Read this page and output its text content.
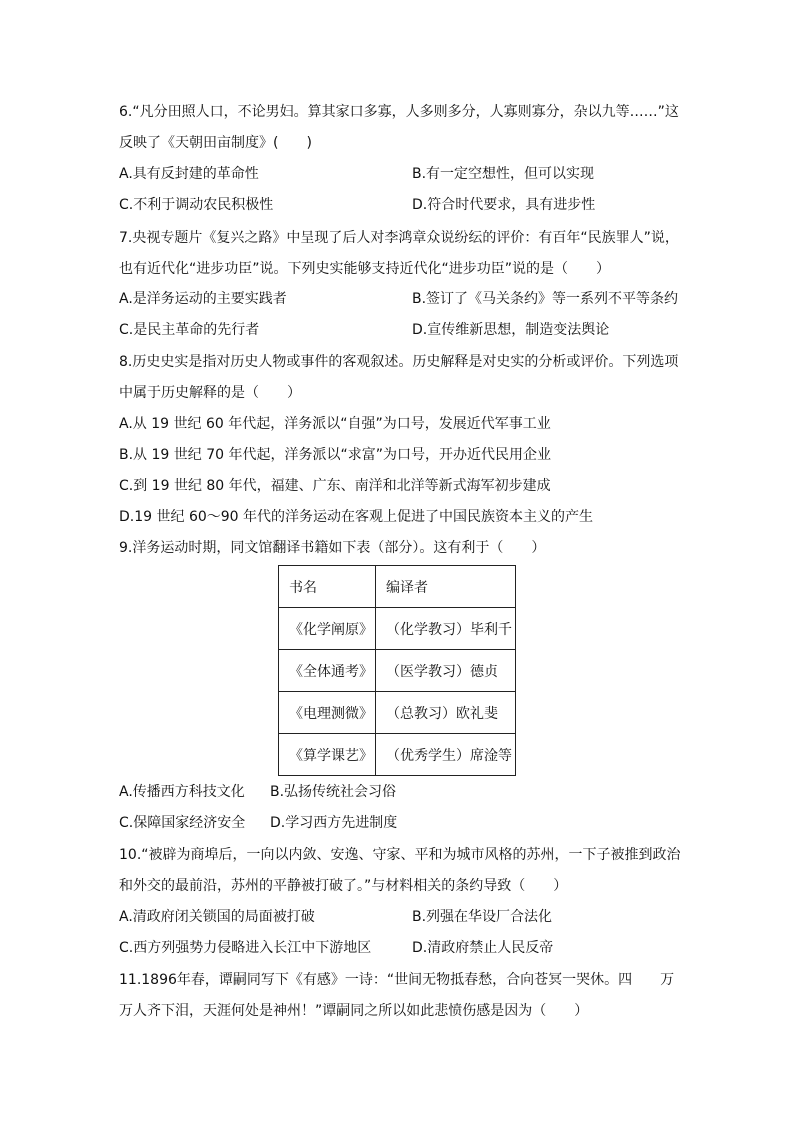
6.“凡分田照人口，不论男妇。算其家口多寡，人多则多分，人寡则寡分，杂以九等……”这
反映了《天朝田亩制度》(　　)
A.具有反封建的革命性	B.有一定空想性，但可以实现
C.不利于调动农民积极性	D.符合时代要求，具有进步性
7.央视专题片《复兴之路》中呈现了后人对李鸿章众说纷纭的评价：有百年“民族罪人”说，
也有近代化“进步功臣”说。下列史实能够支持近代化“进步功臣”说的是（　　）
A.是洋务运动的主要实践者	B.签订了《马关条约》等一系列不平等条约
C.是民主革命的先行者	D.宣传维新思想，制造变法舆论
8.历史史实是指对历史人物或事件的客观叙述。历史解释是对史实的分析或评价。下列选项
中属于历史解释的是（　　）
A.从 19 世纪 60 年代起，洋务派以“自强”为口号，发展近代军事工业
B.从 19 世纪 70 年代起，洋务派以“求富”为口号，开办近代民用企业
C.到 19 世纪 80 年代，福建、广东、南洋和北洋等新式海军初步建成
D.19 世纪 60～90 年代的洋务运动在客观上促进了中国民族资本主义的产生
9.洋务运动时期，同文馆翻译书籍如下表（部分）。这有利于（　　）
书名	编译者
《化学阐原》	（化学教习）毕利千
《全体通考》	（医学教习）德贞
《电理测微》	（总教习）欧礼斐
《算学课艺》	（优秀学生）席淦等
A.传播西方科技文化 B.弘扬传统社会习俗
C.保障国家经济安全 D.学习西方先进制度
10.“被辟为商埠后，一向以内敛、安逸、守家、平和为城市风格的苏州，一下子被推到政治
和外交的最前沿，苏州的平静被打破了。”与材料相关的条约导致（　　）
A.清政府闭关锁国的局面被打破	B.列强在华设厂合法化
C.西方列强势力侵略进入长江中下游地区	D.清政府禁止人民反帝
11.1896年春，谭嗣同写下《有感》一诗：“世间无物抵春愁，合向苍冥一哭休。四　　万
万人齐下泪，天涯何处是神州！”谭嗣同之所以如此悲愤伤感是因为（　　）
